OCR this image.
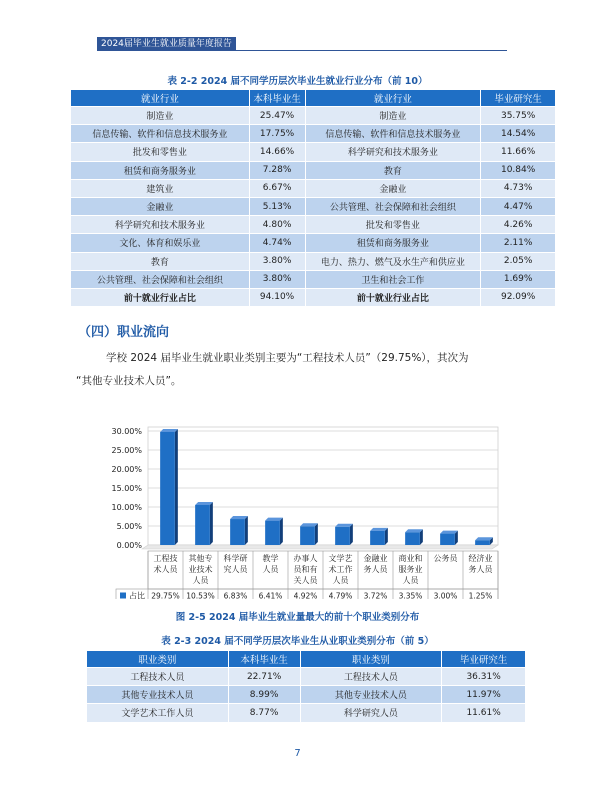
2024届毕业生就业质量年度报告
表 2-2 2024 届不同学历层次毕业生就业行业分布（前 10）
就业行业	本科毕业生	就业行业	毕业研究生
制造业	25.47%	制造业	35.75%
信息传输、软件和信息技术服务业	17.75%	信息传输、软件和信息技术服务业	14.54%
批发和零售业	14.66%	科学研究和技术服务业	11.66%
租赁和商务服务业	7.28%	教育	10.84%
建筑业	6.67%	金融业	4.73%
金融业	5.13%	公共管理、社会保障和社会组织	4.47%
科学研究和技术服务业	4.80%	批发和零售业	4.26%
文化、体育和娱乐业	4.74%	租赁和商务服务业	2.11%
教育	3.80%	电力、热力、燃气及水生产和供应业	2.05%
公共管理、社会保障和社会组织	3.80%	卫生和社会工作	1.69%
前十就业行业占比	94.10%	前十就业行业占比	92.09%
（四）职业流向
学校 2024 届毕业生就业职业类别主要为“工程技术人员”（29.75%），其次为
“其他专业技术人员”。
0.00%
5.00%
10.00%
15.00%
20.00%
25.00%
30.00%
工程技术人员
其他专业技术人员
科学研究人员
教学人员
办事人员和有关人员
文学艺术工作人员
金融业务人员
商业和服务业人员
公务员 经济业务人员
占比 29.75% 10.53% 6.83% 6.41% 4.92% 4.79% 3.72% 3.35% 3.00% 1.25%
图 2-5 2024 届毕业生就业量最大的前十个职业类别分布
表 2-3 2024 届不同学历层次毕业生从业职业类别分布（前 5）
职业类别	本科毕业生	职业类别	毕业研究生
工程技术人员	22.71%	工程技术人员	36.31%
其他专业技术人员	8.99%	其他专业技术人员	11.97%
文学艺术工作人员	8.77%	科学研究人员	11.61%
7
